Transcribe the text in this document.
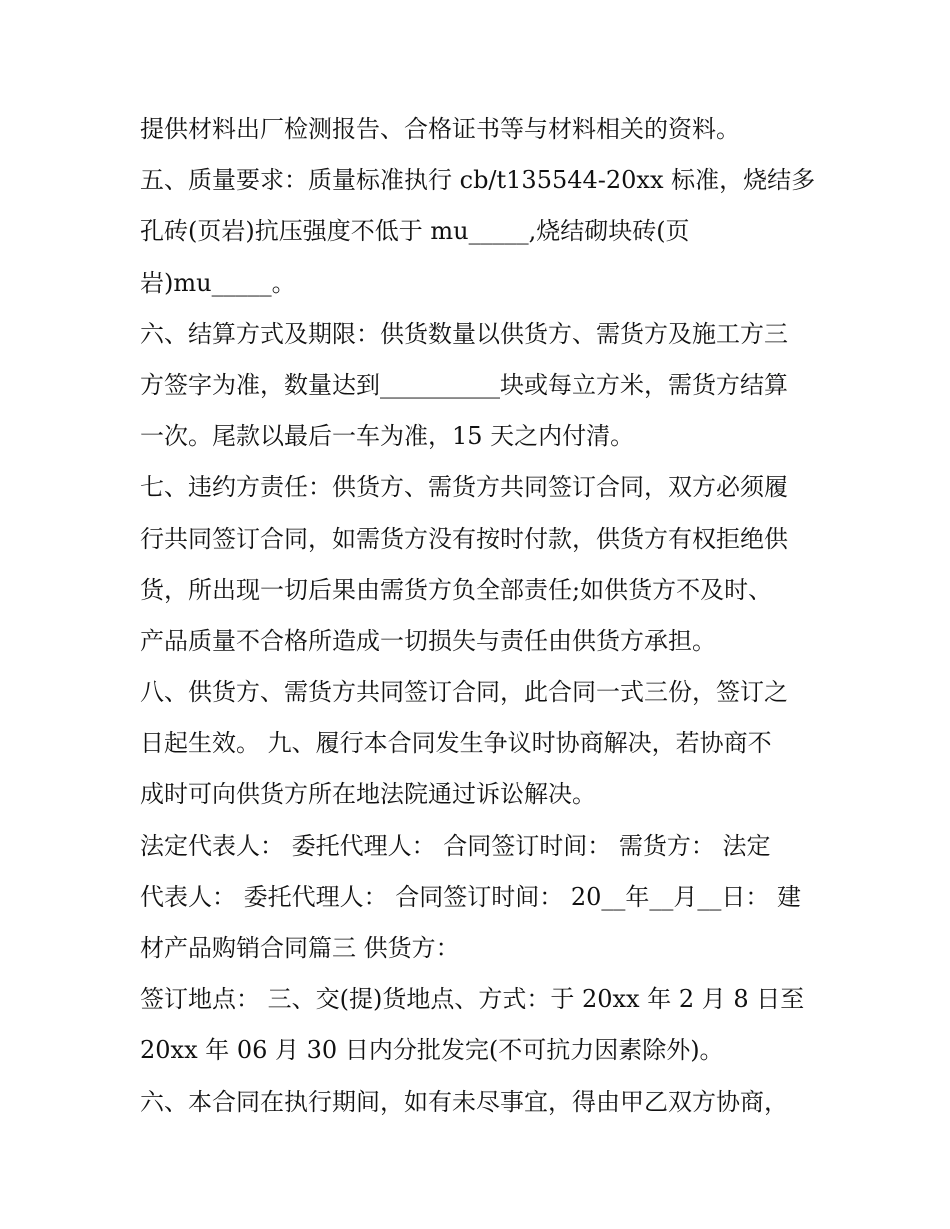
提供材料出厂检测报告、合格证书等与材料相关的资料。
五、质量要求：质量标准执行 cb/t135544-20xx 标准，烧结多
孔砖(页岩)抗压强度不低于 mu_____,烧结砌块砖(页
岩)mu_____。
六、结算方式及期限：供货数量以供货方、需货方及施工方三
方签字为准，数量达到__________块或每立方米，需货方结算
一次。尾款以最后一车为准，15 天之内付清。
七、违约方责任：供货方、需货方共同签订合同，双方必须履
行共同签订合同，如需货方没有按时付款，供货方有权拒绝供
货，所出现一切后果由需货方负全部责任;如供货方不及时、
产品质量不合格所造成一切损失与责任由供货方承担。
八、供货方、需货方共同签订合同，此合同一式三份，签订之
日起生效。 九、履行本合同发生争议时协商解决，若协商不
成时可向供货方所在地法院通过诉讼解决。
法定代表人： 委托代理人： 合同签订时间： 需货方： 法定
代表人： 委托代理人： 合同签订时间： 20__年__月__日： 建
材产品购销合同篇三 供货方：
签订地点： 三、交(提)货地点、方式：于 20xx 年 2 月 8 日至
20xx 年 06 月 30 日内分批发完(不可抗力因素除外)。
六、本合同在执行期间，如有未尽事宜，得由甲乙双方协商，
